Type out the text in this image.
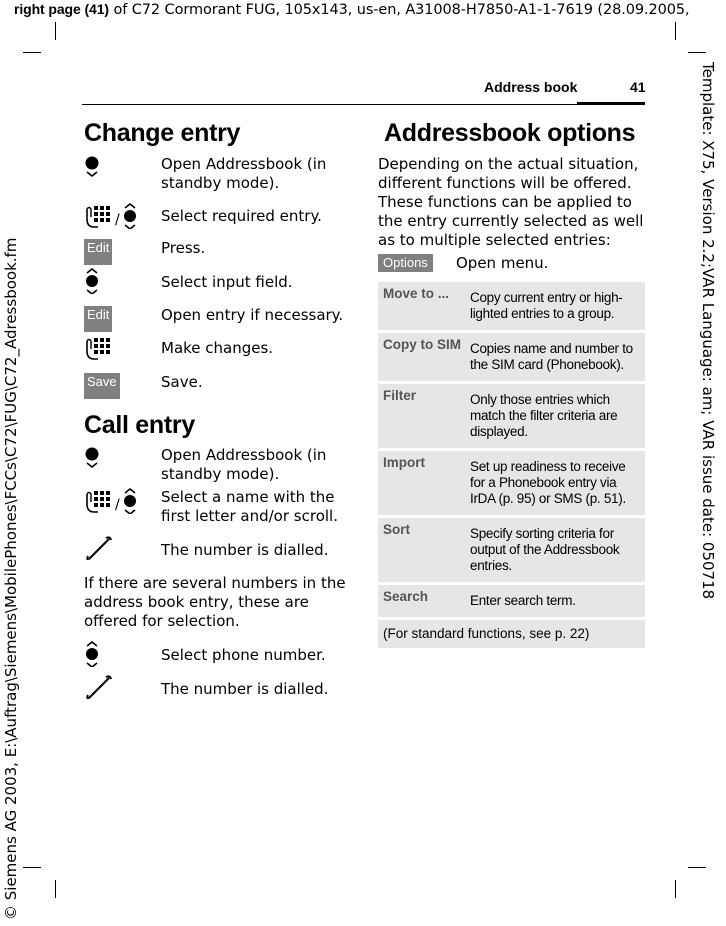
right page (41) of C72 Cormorant FUG, 105x143, us-en, A31008-H7850-A1-1-7619 (28.09.2005,
Template: X75, Version 2.2;VAR Language: am; VAR issue date: 050718
© Siemens AG 2003, E:\Auftrag\Siemens\MobilePhones\FCCs\C72\FUG\C72_Adressbook.fm
Address book	41
Change entry
Open Addressbook (in standby mode).
/	Select required entry.
Edit	Press.
Select input field.
Edit	Open entry if necessary.
Make changes.
Save	Save.
Call entry
Open Addressbook (in standby mode).
/	Select a name with the first letter and/or scroll.
The number is dialled.
If there are several numbers in the address book entry, these are offered for selection.
Select phone number.
The number is dialled.
Addressbook options
Depending on the actual situation, different functions will be offered. These functions can be applied to the entry currently selected as well as to multiple selected entries:
Options	Open menu.
Move to ...	Copy current entry or high-lighted entries to a group.
Copy to SIM	Copies name and number to the SIM card (Phonebook).
Filter	Only those entries which match the filter criteria are displayed.
Import	Set up readiness to receive for a Phonebook entry via IrDA (p. 95) or SMS (p. 51).
Sort	Specify sorting criteria for output of the Addressbook entries.
Search	Enter search term.
(For standard functions, see p. 22)	
